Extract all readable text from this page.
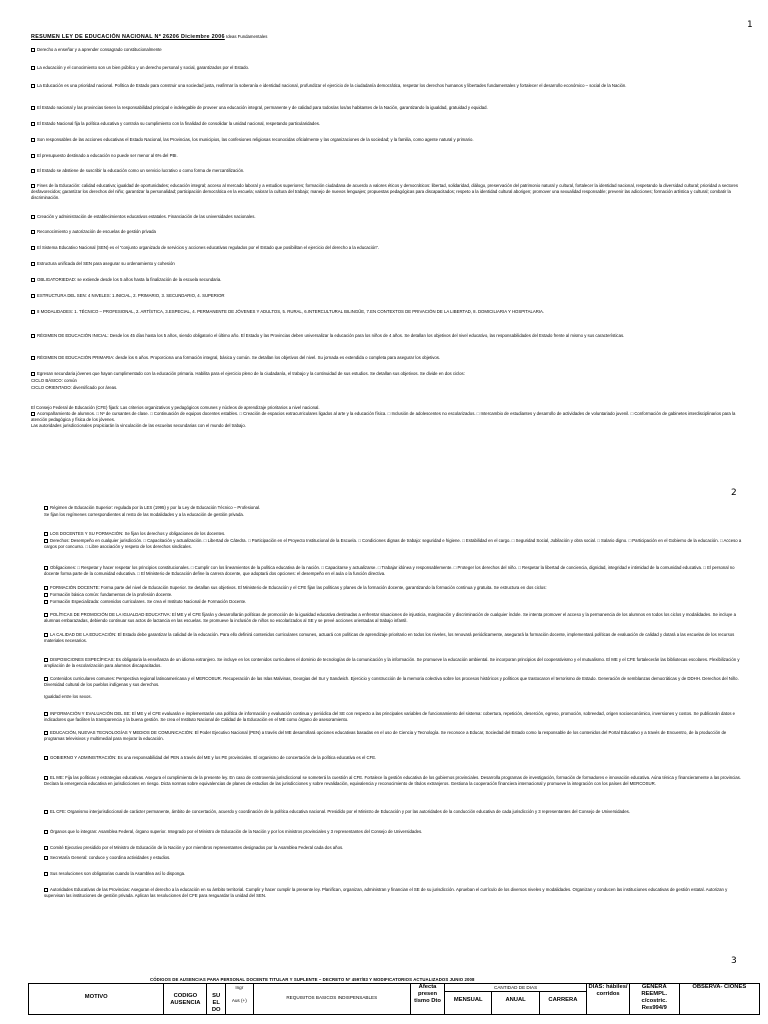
1
RESUMEN LEY DE EDUCACIÓN NACIONAL Nº 26206 Diciembre 2006 Ideas Fundamentales
Derecho a enseñar y a aprender consagrado constitucionalmente
La educación y el conocimiento son un bien público y un derecho personal y social, garantizados por el Estado.
La Educación es una prioridad nacional. Política de Estado para construir una sociedad justa, reafirmar la soberanía e identidad nacional, profundizar el ejercicio de la ciudadanía democrática, respetar los derechos humanos y libertades fundamentales y fortalecer el desarrollo económico – social de la Nación.
El Estado nacional y las provincias tienen la responsabilidad principal e indelegable de proveer una educación integral, permanente y de calidad para todos/as los/as habitantes de la Nación, garantizando la igualdad, gratuidad y equidad.
El Estado Nacional fija la política educativa y controla su cumplimiento con la finalidad de consolidar la unidad nacional, respetando particularidades.
Son responsables de las acciones educativas el Estado Nacional, las Provincias, los municipios, las confesiones religiosas reconocidas oficialmente y las organizaciones de la sociedad; y la familia, como agente natural y primario.
El presupuesto destinado a educación no puede ser menor al 6% del PBI.
El Estado se abstiene de suscribir la educación como un servicio lucrativo o como forma de mercantilización.
Fines de la Educación: calidad educativa; igualdad de oportunidades; educación integral; acceso al mercado laboral y a estudios superiores; formación ciudadana de acuerdo a valores éticos y democráticos: libertad, solidaridad, diálogo, preservación del patrimonio natural y cultural, fortalecer la identidad nacional, respetando la diversidad cultural; prioridad a sectores desfavorecidos; garantizar los derechos del niño; garantizar la personalidad; participación democrática en la escuela; valorar la cultura del trabajo; manejo de nuevos lenguajes; propuestas pedagógicas para discapacitados; respeto a la identidad cultural aborigen; promover una sexualidad responsable; prevenir las adicciones; formación artística y cultural; combatir la discriminación.
Creación y administración de establecimientos educativos estatales. Financiación de las universidades nacionales.
Reconocimiento y autorización de escuelas de gestión privada
El Sistema Educativo Nacional (SEN) es el "conjunto organizado de servicios y acciones educativas regulados por el Estado que posibilitan el ejercicio del derecho a la educación".
Estructura unificada del SEN para asegurar su ordenamiento y cohesión
OBLIGATORIEDAD: se extiende desde los 5 años hasta la finalización de la escuela secundaria.
ESTRUCTURA DEL SEN: 4 NIVELES: 1.INICIAL, 2. PRIMARIO, 3. SECUNDARIO, 4. SUPERIOR
8 MODALIDADES: 1. TÉCNICO – PROFESIONAL, 2. ARTÍSTICA, 3.ESPECIAL, 4. PERMANENTE DE JÓVENES Y ADULTOS, 5. RURAL, 6.INTERCULTURAL BILINGÜE, 7.EN CONTEXTOS DE PRIVACIÓN DE LA LIBERTAD, 8. DOMICILIARIA Y HOSPITALARIA.
RÉGIMEN DE EDUCACIÓN INICIAL: Desde los 45 días hasta los 5 años, siendo obligatorio el último año. El Estado y las Provincias deben universalizar la educación para los niños de 4 años. Se detallan los objetivos del nivel educativo, las responsabilidades del Estado frente al mismo y sus características.
RÉGIMEN DE EDUCACIÓN PRIMARIA: desde los 6 años. Proporciona una formación integral, básica y común. Se detallan los objetivos del nivel. Su jornada es extendida o completa para asegurar los objetivos.
Egresan secundaria jóvenes que hayan cumplimentado con la educación primaria. Habilita para el ejercicio pleno de la ciudadanía, el trabajo y la continuidad de sus estudios. Se detallan sus objetivos. Se divide en dos ciclos:
CICLO BÁSICO: común
CICLO ORIENTADO: diversificado por áreas.
El Consejo Federal de Educación (CFE) fijará: Las criterios organizativos y pedagógicos comunes y núcleos de aprendizaje prioritarios a nivel nacional.
Acompañamiento de alumnos. □ Nº de cursantes de clase. □ Continuación de equipos docentes estables. □ Creación de espacios extracurriculares ligados al arte y la educación física. □ Inclusión de adolescentes no escolarizados. □ Intercambio de estudiantes y desarrollo de actividades de voluntariado juvenil. □ Conformación de gabinetes interdisciplinarios para la atención pedagógica y física de los jóvenes.
Las autoridades jurisdiccionales propiciarán la vinculación de las escuelas secundarias con el mundo del trabajo.
2
Régimen de Educación Superior: regulada por la LES (1995) y por la Ley de Educación Técnico – Profesional.
Se fijan los regímenes correspondientes al resto de las modalidades y a la educación de gestión privada.
LOS DOCENTES Y SU FORMACIÓN: Se fijan los derechos y obligaciones de los docentes.
Derechos: Desempeño en cualquier jurisdicción. □ Capacitación y actualización. □ Libertad de Cátedra. □ Participación en el Proyecto Institucional de la Escuela. □ Condiciones dignas de trabajo: seguridad e higiene. □ Estabilidad en el cargo. □ Seguridad Social, Jubilación y obra social. □ Salario digno. □ Participación en el Gobierno de la educación. □ Acceso a cargos por concurso. □ Libre asociación y respeto de los derechos sindicales.
Obligaciones: □ Respetar y hacer respetar los principios constitucionales. □ Cumplir con los lineamientos de la política educativa de la nación. □ Capacitarse y actualizarse. □ Trabajar idónea y responsablemente. □ Proteger los derechos del niño. □ Respetar la libertad de conciencia, dignidad, integridad e intimidad de la comunidad educativa. □ El personal no docente forma parte de la comunidad educativa. □ El Ministerio de Educación define la carrera docente, que adoptará dos opciones: el desempeño en el aula o la función directiva.
FORMACIÓN DOCENTE: Forma parte del nivel de Educación Superior. Se detallan sus objetivos. El Ministerio de Educación y el CFE fijan las políticas y planes de la formación docente, garantizando la formación continua y gratuita. Se estructura en dos ciclos:
Formación básica común: fundamentos de la profesión docente.
Formación Especializada: contenidos curriculares. Se crea el Instituto Nacional de Formación Docente.
POLÍTICAS DE PROMOCIÓN DE LA IGUALDAD EDUCATIVA: El ME y el CFE fijarán y desarrollarán políticas de promoción de la igualdad educativa destinadas a enfrentar situaciones de injusticia, marginación y discriminación de cualquier índole. Se intenta promover el acceso y la permanencia de los alumnos en todos los ciclos y modalidades. Se incluye a alumnas embarazadas, debiendo continuar sus actos de lactancia en las escuelas. Se promueve la inclusión de niños no escolarizados al SE y se prevé acciones orientadas al trabajo infantil.
LA CALIDAD DE LA EDUCACIÓN: El Estado debe garantizar la calidad de la educación. Para ello definirá contenidos curriculares comunes, actuará con políticas de aprendizaje prioritario en todos los niveles, los renovará periódicamente, asegurará la formación docente, implementará políticas de evaluación de calidad y dotará a las escuelas de los recursos materiales necesarios.
DISPOSICIONES ESPECÍFICAS: Es obligatoria la enseñanza de un idioma extranjero. Se incluye en los contenidos curriculares el dominio de tecnologías de la comunicación y la información. Se promueve la educación ambiental. Se incorporan principios del cooperativismo y el mutualismo. El ME y el CFE fortalecerán las bibliotecas escolares. Flexibilización y ampliación de la escolarización para alumnos discapacitados.
Contenidos curriculares comunes: Perspectiva regional latinoamericana y el MERCOSUR. Recuperación de las Islas Malvinas, Georgias del Sur y Sandwich. Ejercicio y construcción de la memoria colectiva sobre los procesos históricos y políticos que trastocaron el terrorismo de Estado. Generación de semblanzas democráticas y de DDHH. Derechos del Niño. Diversidad cultural de los pueblos indígenas y sus derechos.
Igualdad entre los sexos.
INFORMACIÓN Y EVALUACIÓN DEL SE: El ME y el CFE evaluarán e implementarán una política de información y evaluación continua y periódica del SE con respecto a las principales variables de funcionamiento del sistema: cobertura, repetición, deserción, egreso, promoción, sobreedad, origen socioeconómico, inversiones y costos. Se publicarán datos e indicadores que faciliten la transparencia y la buena gestión. Se crea el Instituto Nacional de Calidad de la Educación en el ME como órgano de asesoramiento.
EDUCACIÓN, NUEVAS TECNOLOGÍAS Y MEDIOS DE COMUNICACIÓN: El Poder Ejecutivo Nacional (PEN) a través del ME desarrollará opciones educativas basadas en el uso de Ciencia y Tecnología. Se reconoce a Educar, Sociedad del Estado como la responsable de los contenidos del Portal Educativo y a través de Encuentro, de la producción de programas televisivos y multimedial para mejorar la educación.
GOBIERNO Y ADMINISTRACIÓN: Es una responsabilidad del PEN a través del ME y los PE provinciales. El organismo de concertación de la política educativa es el CFE.
EL ME: Fija las políticas y estrategias educativas. Asegura el cumplimiento de la presente ley. En caso de controversia jurisdiccional se someterá la cuestión al CFE. Fortalece la gestión educativa de los gobiernos provinciales. Desarrolla programas de investigación, formación de formadores e innovación educativa. Aúna ténica y financieramente a las provincias. Declara la emergencia educativa en jurisdicciones en riesgo. Dicta normas sobre equivalencias de planes de estudios de las jurisdicciones y sobre revalidación, equivalencia y reconocimiento de títulos extranjeros. Gestiona la cooperación financiera internacional y promueve la integración con los países del MERCOSUR.
EL CFE: Organismo interjurisdiccional de carácter permanente, ámbito de concertación, acuerdo y coordinación de la política educativa nacional. Presidido por el Ministro de Educación y por las autoridades de la conducción educativa de cada jurisdicción y 3 representantes del Consejo de Universidades.
Órganos que lo integran: Asamblea Federal, órgano superior. Integrado por el Ministro de Educación de la Nación y por los ministros provinciales y 3 representantes del Consejo de Universidades.
Comité Ejecutivo presidido por el Ministro de Educación de la Nación y por miembros representantes designados por la Asamblea Federal cada dos años.
Secretaría General: conduce y coordina actividades y estudios.
Sus resoluciones son obligatorias cuando la Asamblea así lo disponga.
Autoridades Educativas de las Provincias: Aseguran el derecho a la educación en su ámbito territorial. Cumplir y hacer cumplir la presente ley. Planifican, organizan, administran y financian el SE de su jurisdicción. Aprueban el currículo de los diversos niveles y modalidades. Organizan y conducen las instituciones educativas de gestión estatal. Autorizan y supervisan las instituciones de gestión privada. Aplican las resoluciones del CFE para resguardar la unidad del SEN.
3
CÓDIGOS DE AUSENCIAS PARA PERSONAL DOCENTE TITULAR Y SUPLENTE – DECRETO Nº 4597/83 Y MODIFICATORIOS ACTUALIZADOS JUNIO 2008
MOTIVO	CODIGO AUSENCIA	SU EL DO	Ingr
Aus (+)	REQUISITOS BASICOS INDISPENSABLES	Afecta presen tismo Dto	CANTIDAD DE DIAS			DIAS: hábiles/ corridos	GENERA REEMPL. c/costric. Res994/9	OBSERVA- CIONES
						MENSUAL	ANUAL	CARRERA			
